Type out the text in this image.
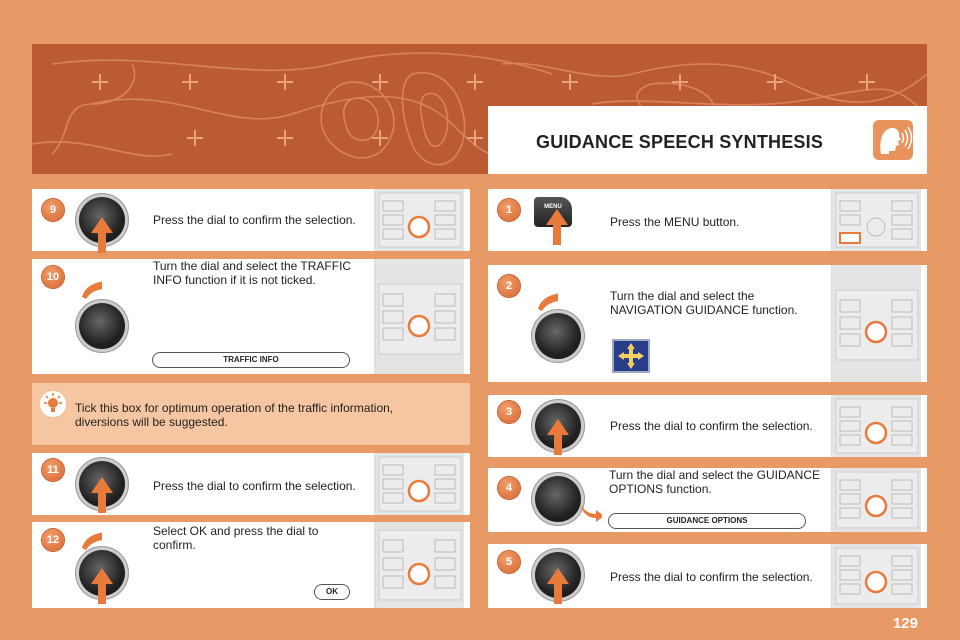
GUIDANCE SPEECH SYNTHESIS
9
Press the dial to confirm the selection.
10
Turn the dial and select the TRAFFIC INFO function if it is not ticked.
TRAFFIC INFO
Tick this box for optimum operation of the traffic information, diversions will be suggested.
11
Press the dial to confirm the selection.
12
Select OK and press the dial to confirm.
OK
1	MENU
Press the MENU button.
2
Turn the dial and select the NAVIGATION GUIDANCE function.
3
Press the dial to confirm the selection.
4
Turn the dial and select the GUIDANCE OPTIONS function.
GUIDANCE OPTIONS
5
Press the dial to confirm the selection.
129
